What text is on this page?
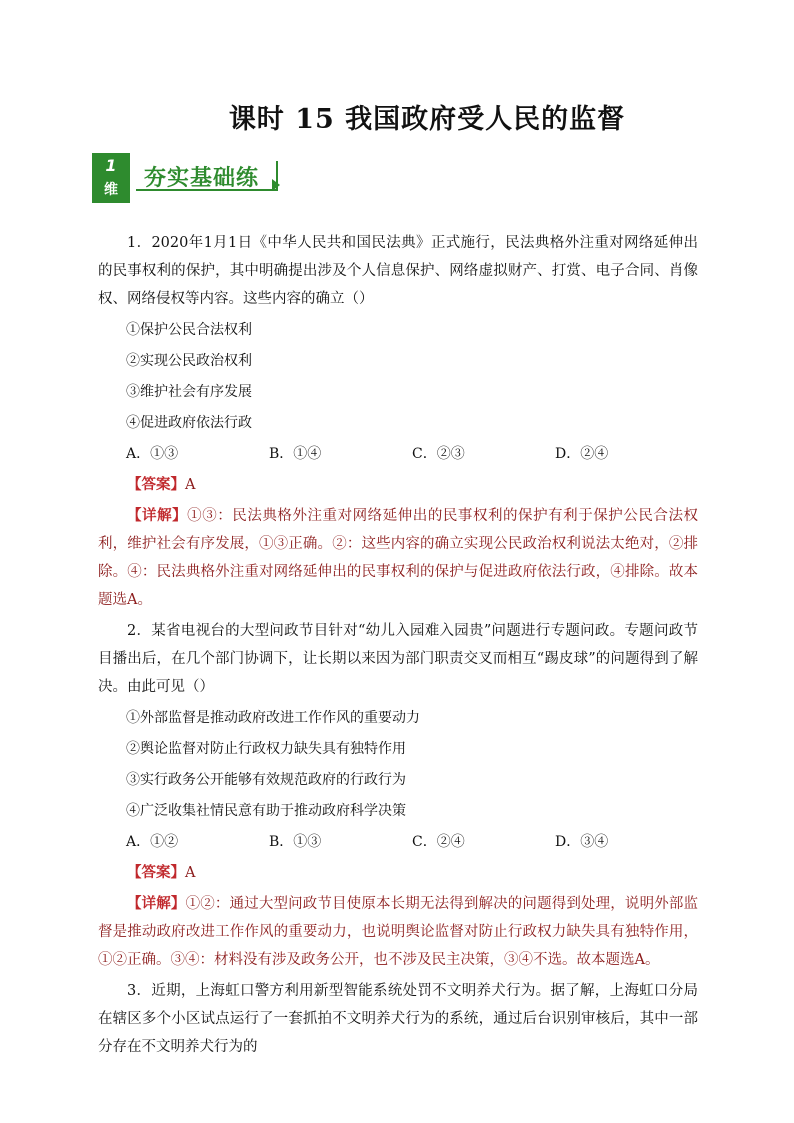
课时 15 我国政府受人民的监督
1
维	夯实基础练

1．2020年1月1日《中华人民共和国民法典》正式施行，民法典格外注重对网络延伸出的民事权利的保护，其中明确提出涉及个人信息保护、网络虚拟财产、打赏、电子合同、肖像权、网络侵权等内容。这些内容的确立（）

①保护公民合法权利
②实现公民政治权利
③维护社会有序发展
④促进政府依法行政
A．①③	B．①④	C．②③	D．②④
【答案】A

【详解】①③：民法典格外注重对网络延伸出的民事权利的保护有利于保护公民合法权利，维护社会有序发展，①③正确。②：这些内容的确立实现公民政治权利说法太绝对，②排除。④：民法典格外注重对网络延伸出的民事权利的保护与促进政府依法行政，④排除。故本题选A。

2．某省电视台的大型问政节目针对“幼儿入园难入园贵”问题进行专题问政。专题问政节目播出后，在几个部门协调下，让长期以来因为部门职责交叉而相互“踢皮球”的问题得到了解决。由此可见（）

①外部监督是推动政府改进工作作风的重要动力
②舆论监督对防止行政权力缺失具有独特作用
③实行政务公开能够有效规范政府的行政行为
④广泛收集社情民意有助于推动政府科学决策
A．①②	B．①③	C．②④	D．③④
【答案】A

【详解】①②：通过大型问政节目使原本长期无法得到解决的问题得到处理，说明外部监督是推动政府改进工作作风的重要动力，也说明舆论监督对防止行政权力缺失具有独特作用，①②正确。③④：材料没有涉及政务公开，也不涉及民主决策，③④不选。故本题选A。

3．近期，上海虹口警方利用新型智能系统处罚不文明养犬行为。据了解，上海虹口分局在辖区多个小区试点运行了一套抓拍不文明养犬行为的系统，通过后台识别审核后，其中一部分存在不文明养犬行为的
